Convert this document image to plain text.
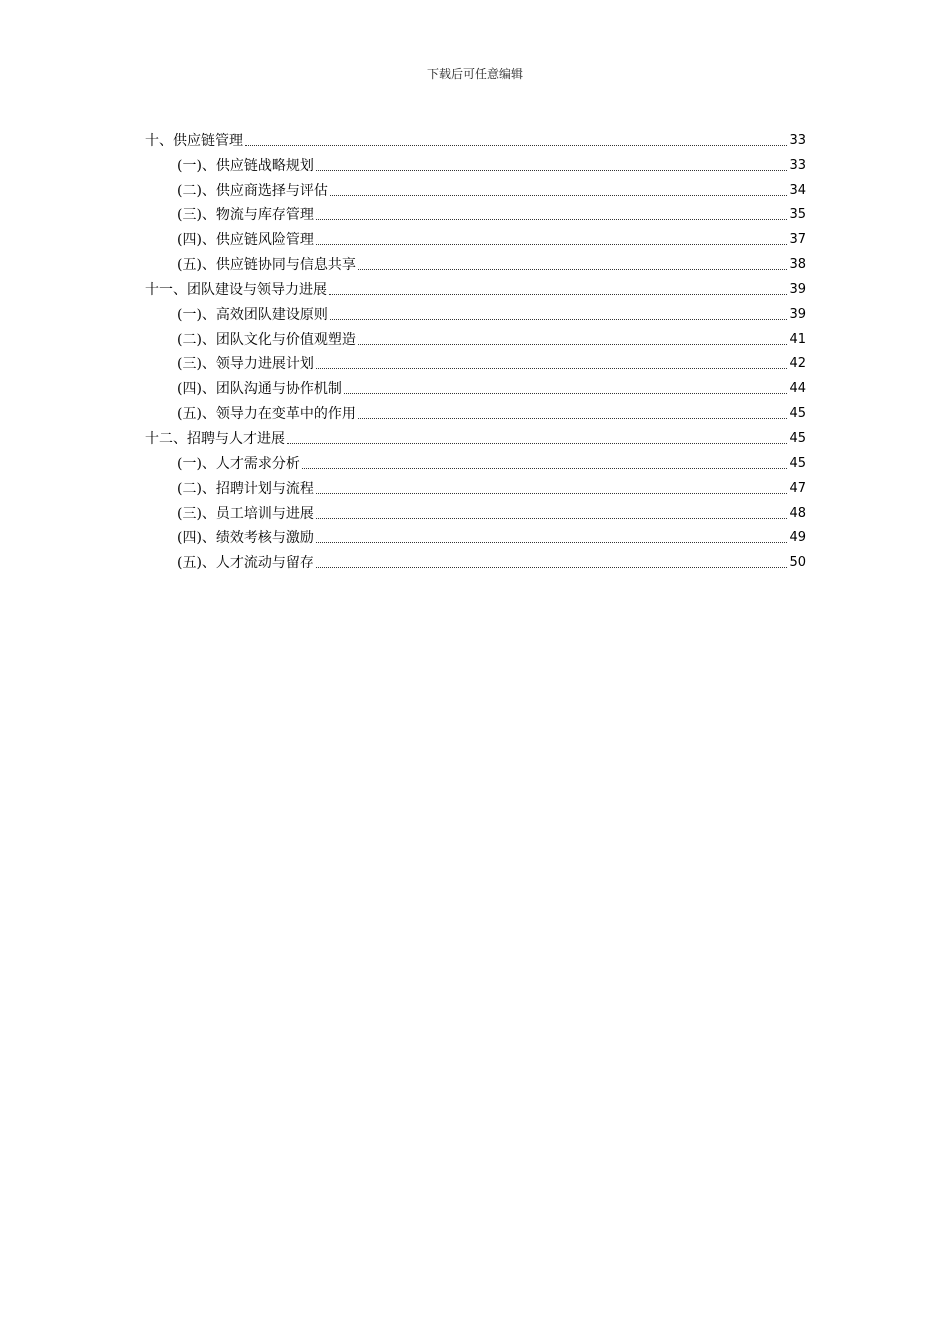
下载后可任意编辑
十、供应链管理	33
(一)、供应链战略规划	33
(二)、供应商选择与评估	34
(三)、物流与库存管理	35
(四)、供应链风险管理	37
(五)、供应链协同与信息共享	38
十一、团队建设与领导力进展	39
(一)、高效团队建设原则	39
(二)、团队文化与价值观塑造	41
(三)、领导力进展计划	42
(四)、团队沟通与协作机制	44
(五)、领导力在变革中的作用	45
十二、招聘与人才进展	45
(一)、人才需求分析	45
(二)、招聘计划与流程	47
(三)、员工培训与进展	48
(四)、绩效考核与激励	49
(五)、人才流动与留存	50
